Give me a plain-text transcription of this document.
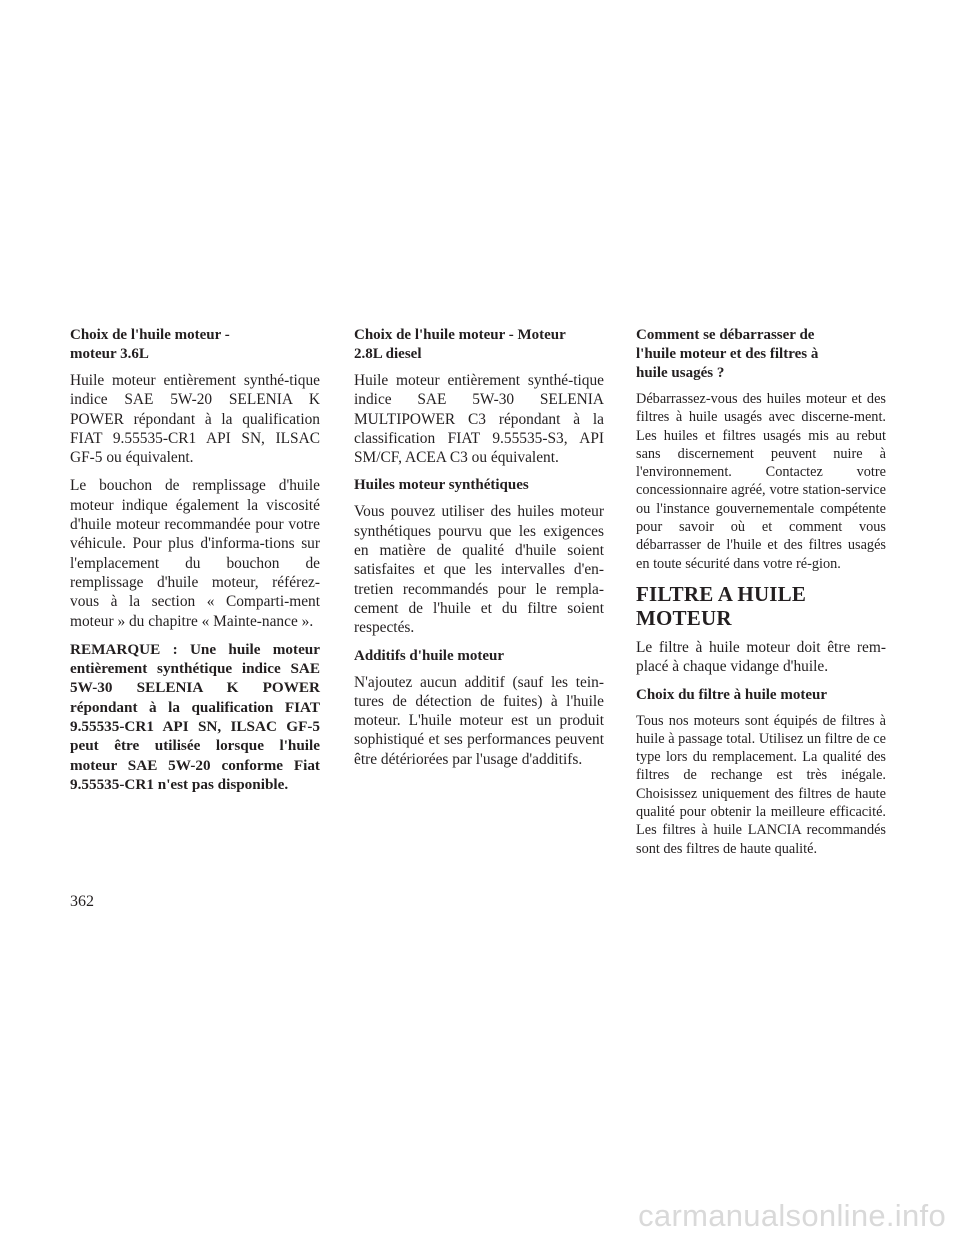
Choix de l'huile moteur -
moteur 3.6L

Huile moteur entièrement synthé-tique indice SAE 5W-20 SELENIA K POWER répondant à la qualification FIAT 9.55535-CR1 API SN, ILSAC GF-5 ou équivalent.

Le bouchon de remplissage d'huile moteur indique également la viscosité d'huile moteur recommandée pour votre véhicule. Pour plus d'informa-tions sur l'emplacement du bouchon de remplissage d'huile moteur, référez-vous à la section « Comparti-ment moteur » du chapitre « Mainte-nance ».

REMARQUE : Une huile moteur entièrement synthétique indice SAE 5W-30 SELENIA K POWER répondant à la qualification FIAT 9.55535-CR1 API SN, ILSAC GF-5 peut être utilisée lorsque l'huile moteur SAE 5W-20 conforme Fiat 9.55535-CR1 n'est pas disponible.

Choix de l'huile moteur - Moteur
2.8L diesel

Huile moteur entièrement synthé-tique indice SAE 5W-30 SELENIA MULTIPOWER C3 répondant à la classification FIAT 9.55535-S3, API SM/CF, ACEA C3 ou équivalent.

Huiles moteur synthétiques

Vous pouvez utiliser des huiles moteur synthétiques pourvu que les exigences en matière de qualité d'huile soient satisfaites et que les intervalles d'en-tretien recommandés pour le rempla-cement de l'huile et du filtre soient respectés.

Additifs d'huile moteur

N'ajoutez aucun additif (sauf les tein-tures de détection de fuites) à l'huile moteur. L'huile moteur est un produit sophistiqué et ses performances peuvent être détériorées par l'usage d'additifs.

Comment se débarrasser de
l'huile moteur et des filtres à
huile usagés ?

Débarrassez-vous des huiles moteur et des filtres à huile usagés avec discerne-ment. Les huiles et filtres usagés mis au rebut sans discernement peuvent nuire à l'environnement. Contactez votre concessionnaire agréé, votre station-service ou l'instance gouvernementale compétente pour savoir où et comment vous débarrasser de l'huile et des filtres usagés en toute sécurité dans votre ré-gion.

FILTRE A HUILE MOTEUR

Le filtre à huile moteur doit être rem-placé à chaque vidange d'huile.

Choix du filtre à huile moteur

Tous nos moteurs sont équipés de filtres à huile à passage total. Utilisez un filtre de ce type lors du remplacement. La qualité des filtres de rechange est très inégale. Choisissez uniquement des filtres de haute qualité pour obtenir la meilleure efficacité. Les filtres à huile LANCIA recommandés sont des filtres de haute qualité.

362
carmanualsonline.info
